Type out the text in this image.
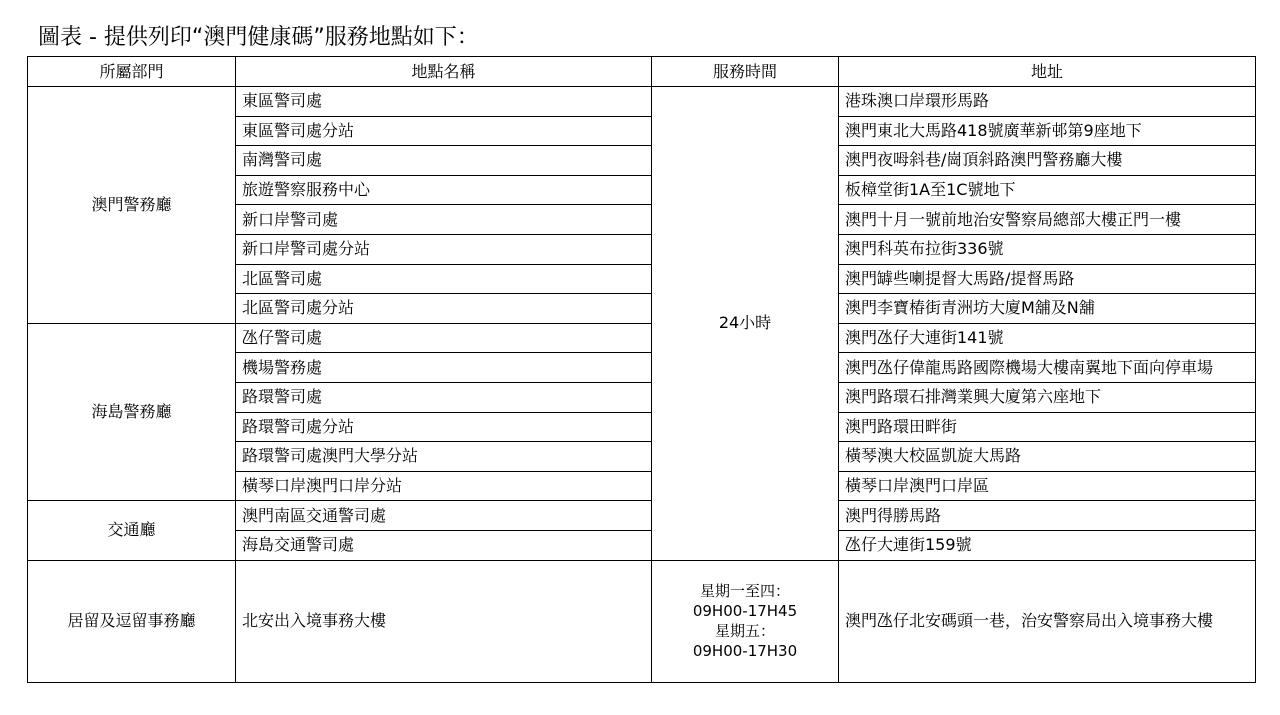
圖表 - 提供列印“澳門健康碼”服務地點如下：
所屬部門	地點名稱	服務時間	地址
澳門警務廳	東區警司處	24小時	港珠澳口岸環形馬路
	東區警司處分站		澳門東北大馬路418號廣華新邨第9座地下
	南灣警司處		澳門夜呣斜巷/崗頂斜路澳門警務廳大樓
	旅遊警察服務中心		板樟堂街1A至1C號地下
	新口岸警司處		澳門十月一號前地治安警察局總部大樓正門一樓
	新口岸警司處分站		澳門科英布拉街336號
	北區警司處		澳門罅些喇提督大馬路/提督馬路
	北區警司處分站		澳門李寶椿街青洲坊大廈M舖及N舖
海島警務廳	氹仔警司處		澳門氹仔大連街141號
	機場警務處		澳門氹仔偉龍馬路國際機場大樓南翼地下面向停車場
	路環警司處		澳門路環石排灣業興大廈第六座地下
	路環警司處分站		澳門路環田畔街
	路環警司處澳門大學分站		橫琴澳大校區凱旋大馬路
	橫琴口岸澳門口岸分站		橫琴口岸澳門口岸區
交通廳	澳門南區交通警司處		澳門得勝馬路
	海島交通警司處		氹仔大連街159號
居留及逗留事務廳	北安出入境事務大樓	星期一至四：
09H00-17H45
星期五：
09H00-17H30	澳門氹仔北安碼頭一巷，治安警察局出入境事務大樓
